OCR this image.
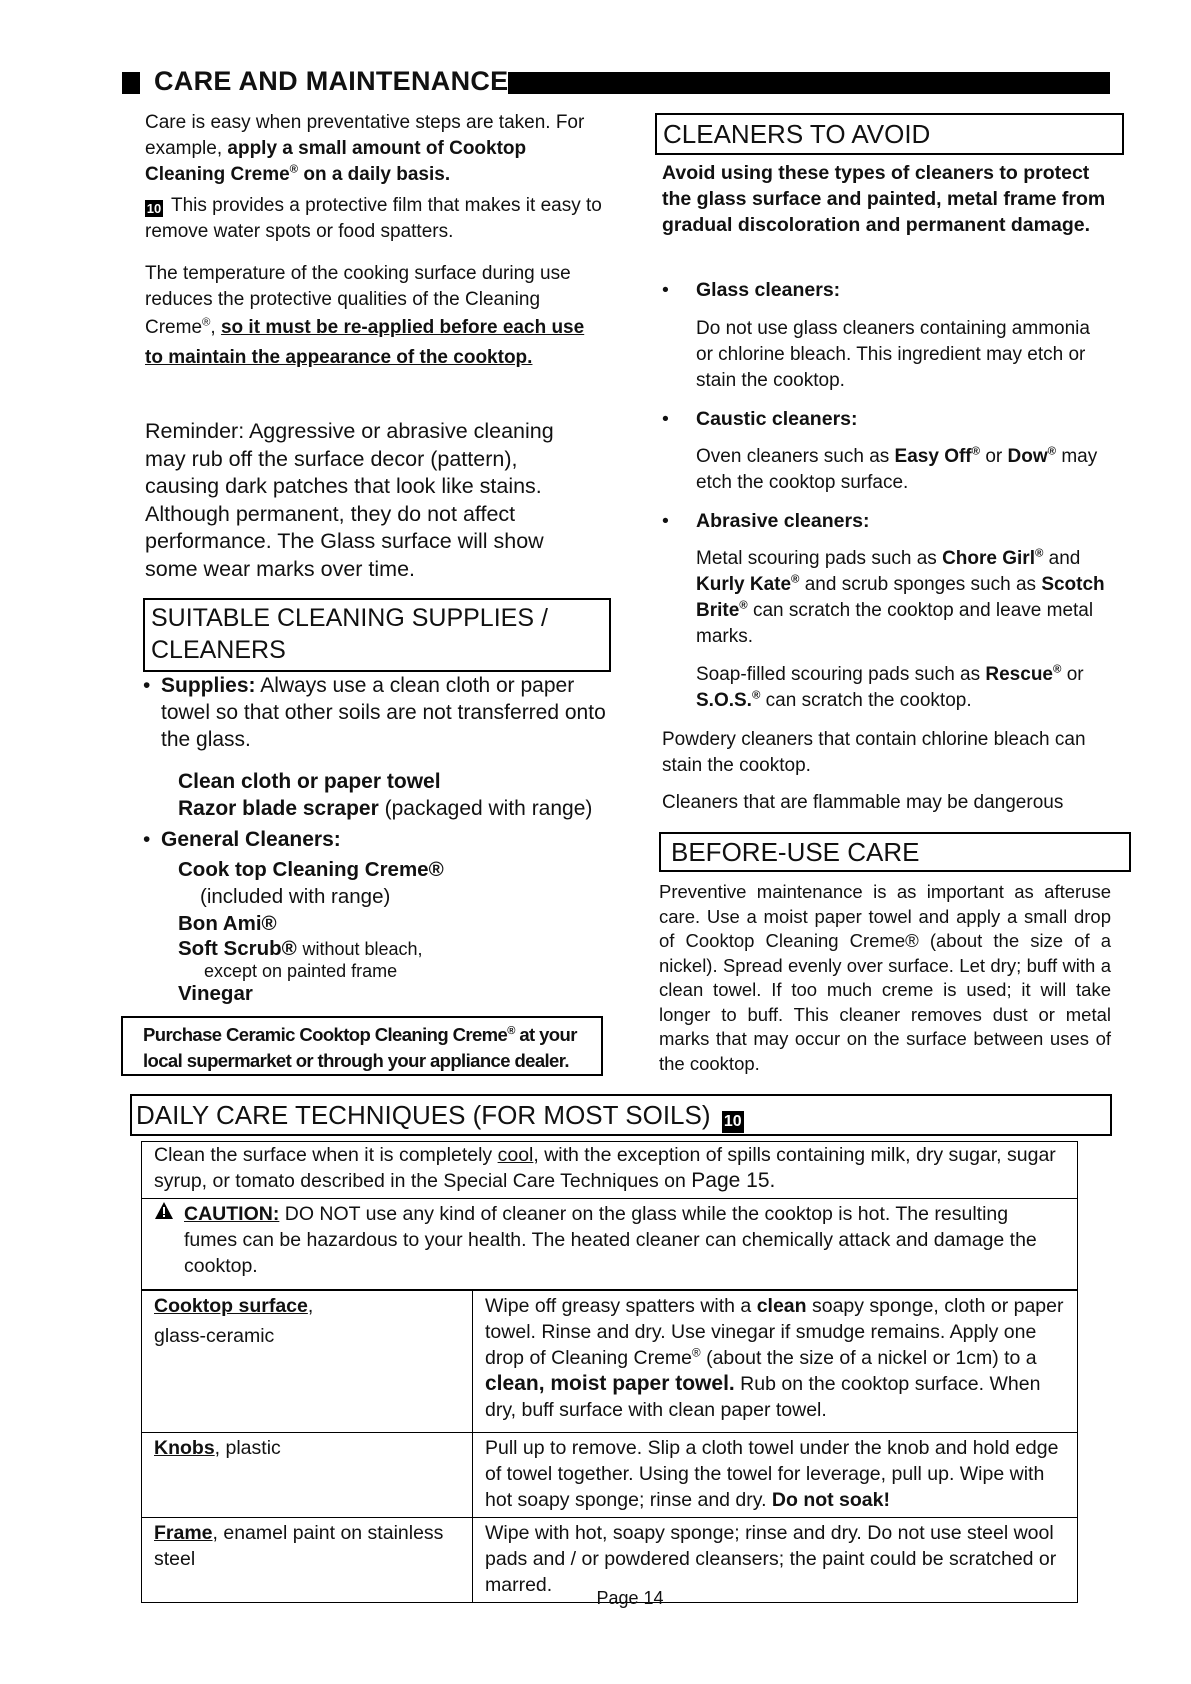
CARE AND MAINTENANCE
Care is easy when preventative steps are taken. For example, apply a small amount of Cooktop Cleaning Creme® on a daily basis.
10 This provides a protective film that makes it easy to remove water spots or food spatters.
The temperature of the cooking surface during use reduces the protective qualities of the Cleaning Creme®, so it must be re-applied before each use to maintain the appearance of the cooktop.
Reminder: Aggressive or abrasive cleaning may rub off the surface decor (pattern), causing dark patches that look like stains. Although permanent, they do not affect performance. The Glass surface will show some wear marks over time.
SUITABLE CLEANING SUPPLIES / CLEANERS
• Supplies: Always use a clean cloth or paper towel so that other soils are not transferred onto the glass.
Clean cloth or paper towel
Razor blade scraper (packaged with range)
• General Cleaners:
Cook top Cleaning Creme®
(included with range)
Bon Ami®
Soft Scrub® without bleach,
except on painted frame
Vinegar
Purchase Ceramic Cooktop Cleaning Creme® at your local supermarket or through your appliance dealer.
CLEANERS TO AVOID
Avoid using these types of cleaners to protect the glass surface and painted, metal frame from gradual discoloration and permanent damage.
• Glass cleaners:
Do not use glass cleaners containing ammonia or chlorine bleach. This ingredient may etch or stain the cooktop.
• Caustic cleaners:
Oven cleaners such as Easy Off® or Dow® may etch the cooktop surface.
• Abrasive cleaners:
Metal scouring pads such as Chore Girl® and Kurly Kate® and scrub sponges such as Scotch Brite® can scratch the cooktop and leave metal marks.
Soap-filled scouring pads such as Rescue® or S.O.S.® can scratch the cooktop.
Powdery cleaners that contain chlorine bleach can stain the cooktop.
Cleaners that are flammable may be dangerous
BEFORE-USE CARE
Preventive maintenance is as important as afteruse care. Use a moist paper towel and apply a small drop of Cooktop Cleaning Creme® (about the size of a nickel). Spread evenly over surface. Let dry; buff with a clean towel. If too much creme is used; it will take longer to buff. This cleaner removes dust or metal marks that may occur on the surface between uses of the cooktop.
DAILY CARE TECHNIQUES (FOR MOST SOILS) 10
Clean the surface when it is completely cool, with the exception of spills containing milk, dry sugar, sugar syrup, or tomato described in the Special Care Techniques on Page 15.
CAUTION: DO NOT use any kind of cleaner on the glass while the cooktop is hot. The resulting fumes can be hazardous to your health. The heated cleaner can chemically attack and damage the cooktop.
Cooktop surface,
glass-ceramic	Wipe off greasy spatters with a clean soapy sponge, cloth or paper towel. Rinse and dry. Use vinegar if smudge remains. Apply one drop of Cleaning Creme® (about the size of a nickel or 1cm) to a clean, moist paper towel. Rub on the cooktop surface. When dry, buff surface with clean paper towel.
Knobs, plastic	Pull up to remove. Slip a cloth towel under the knob and hold edge of towel together. Using the towel for leverage, pull up. Wipe with hot soapy sponge; rinse and dry. Do not soak!
Frame, enamel paint on stainless steel	Wipe with hot, soapy sponge; rinse and dry. Do not use steel wool pads and / or powdered cleansers; the paint could be scratched or marred.
Page 14
